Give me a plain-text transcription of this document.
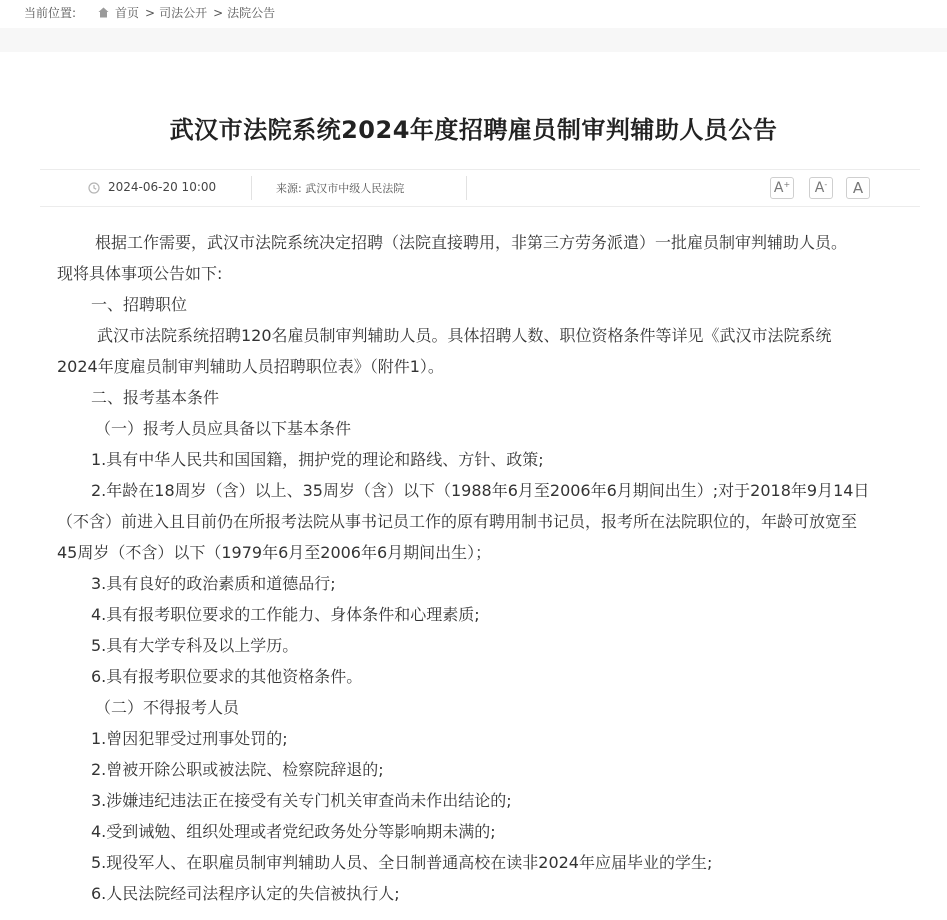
当前位置:	首页 > 司法公开 > 法院公告
武汉市法院系统2024年度招聘雇员制审判辅助人员公告
2024-06-20 10:00	来源: 武汉市中级人民法院	A+	A-	A

根据工作需要，武汉市法院系统决定招聘（法院直接聘用，非第三方劳务派遣）一批雇员制审判辅助人员。

现将具体事项公告如下:

一、招聘职位

武汉市法院系统招聘120名雇员制审判辅助人员。具体招聘人数、职位资格条件等详见《武汉市法院系统

2024年度雇员制审判辅助人员招聘职位表》（附件1）。

二、报考基本条件

（一）报考人员应具备以下基本条件

1.具有中华人民共和国国籍，拥护党的理论和路线、方针、政策;

2.年龄在18周岁（含）以上、35周岁（含）以下（1988年6月至2006年6月期间出生）;对于2018年9月14日

（不含）前进入且目前仍在所报考法院从事书记员工作的原有聘用制书记员，报考所在法院职位的，年龄可放宽至

45周岁（不含）以下（1979年6月至2006年6月期间出生）；

3.具有良好的政治素质和道德品行;

4.具有报考职位要求的工作能力、身体条件和心理素质;

5.具有大学专科及以上学历。

6.具有报考职位要求的其他资格条件。

（二）不得报考人员

1.曾因犯罪受过刑事处罚的;

2.曾被开除公职或被法院、检察院辞退的;

3.涉嫌违纪违法正在接受有关专门机关审查尚未作出结论的;

4.受到诫勉、组织处理或者党纪政务处分等影响期未满的;

5.现役军人、在职雇员制审判辅助人员、全日制普通高校在读非2024年应届毕业的学生;

6.人民法院经司法程序认定的失信被执行人;
